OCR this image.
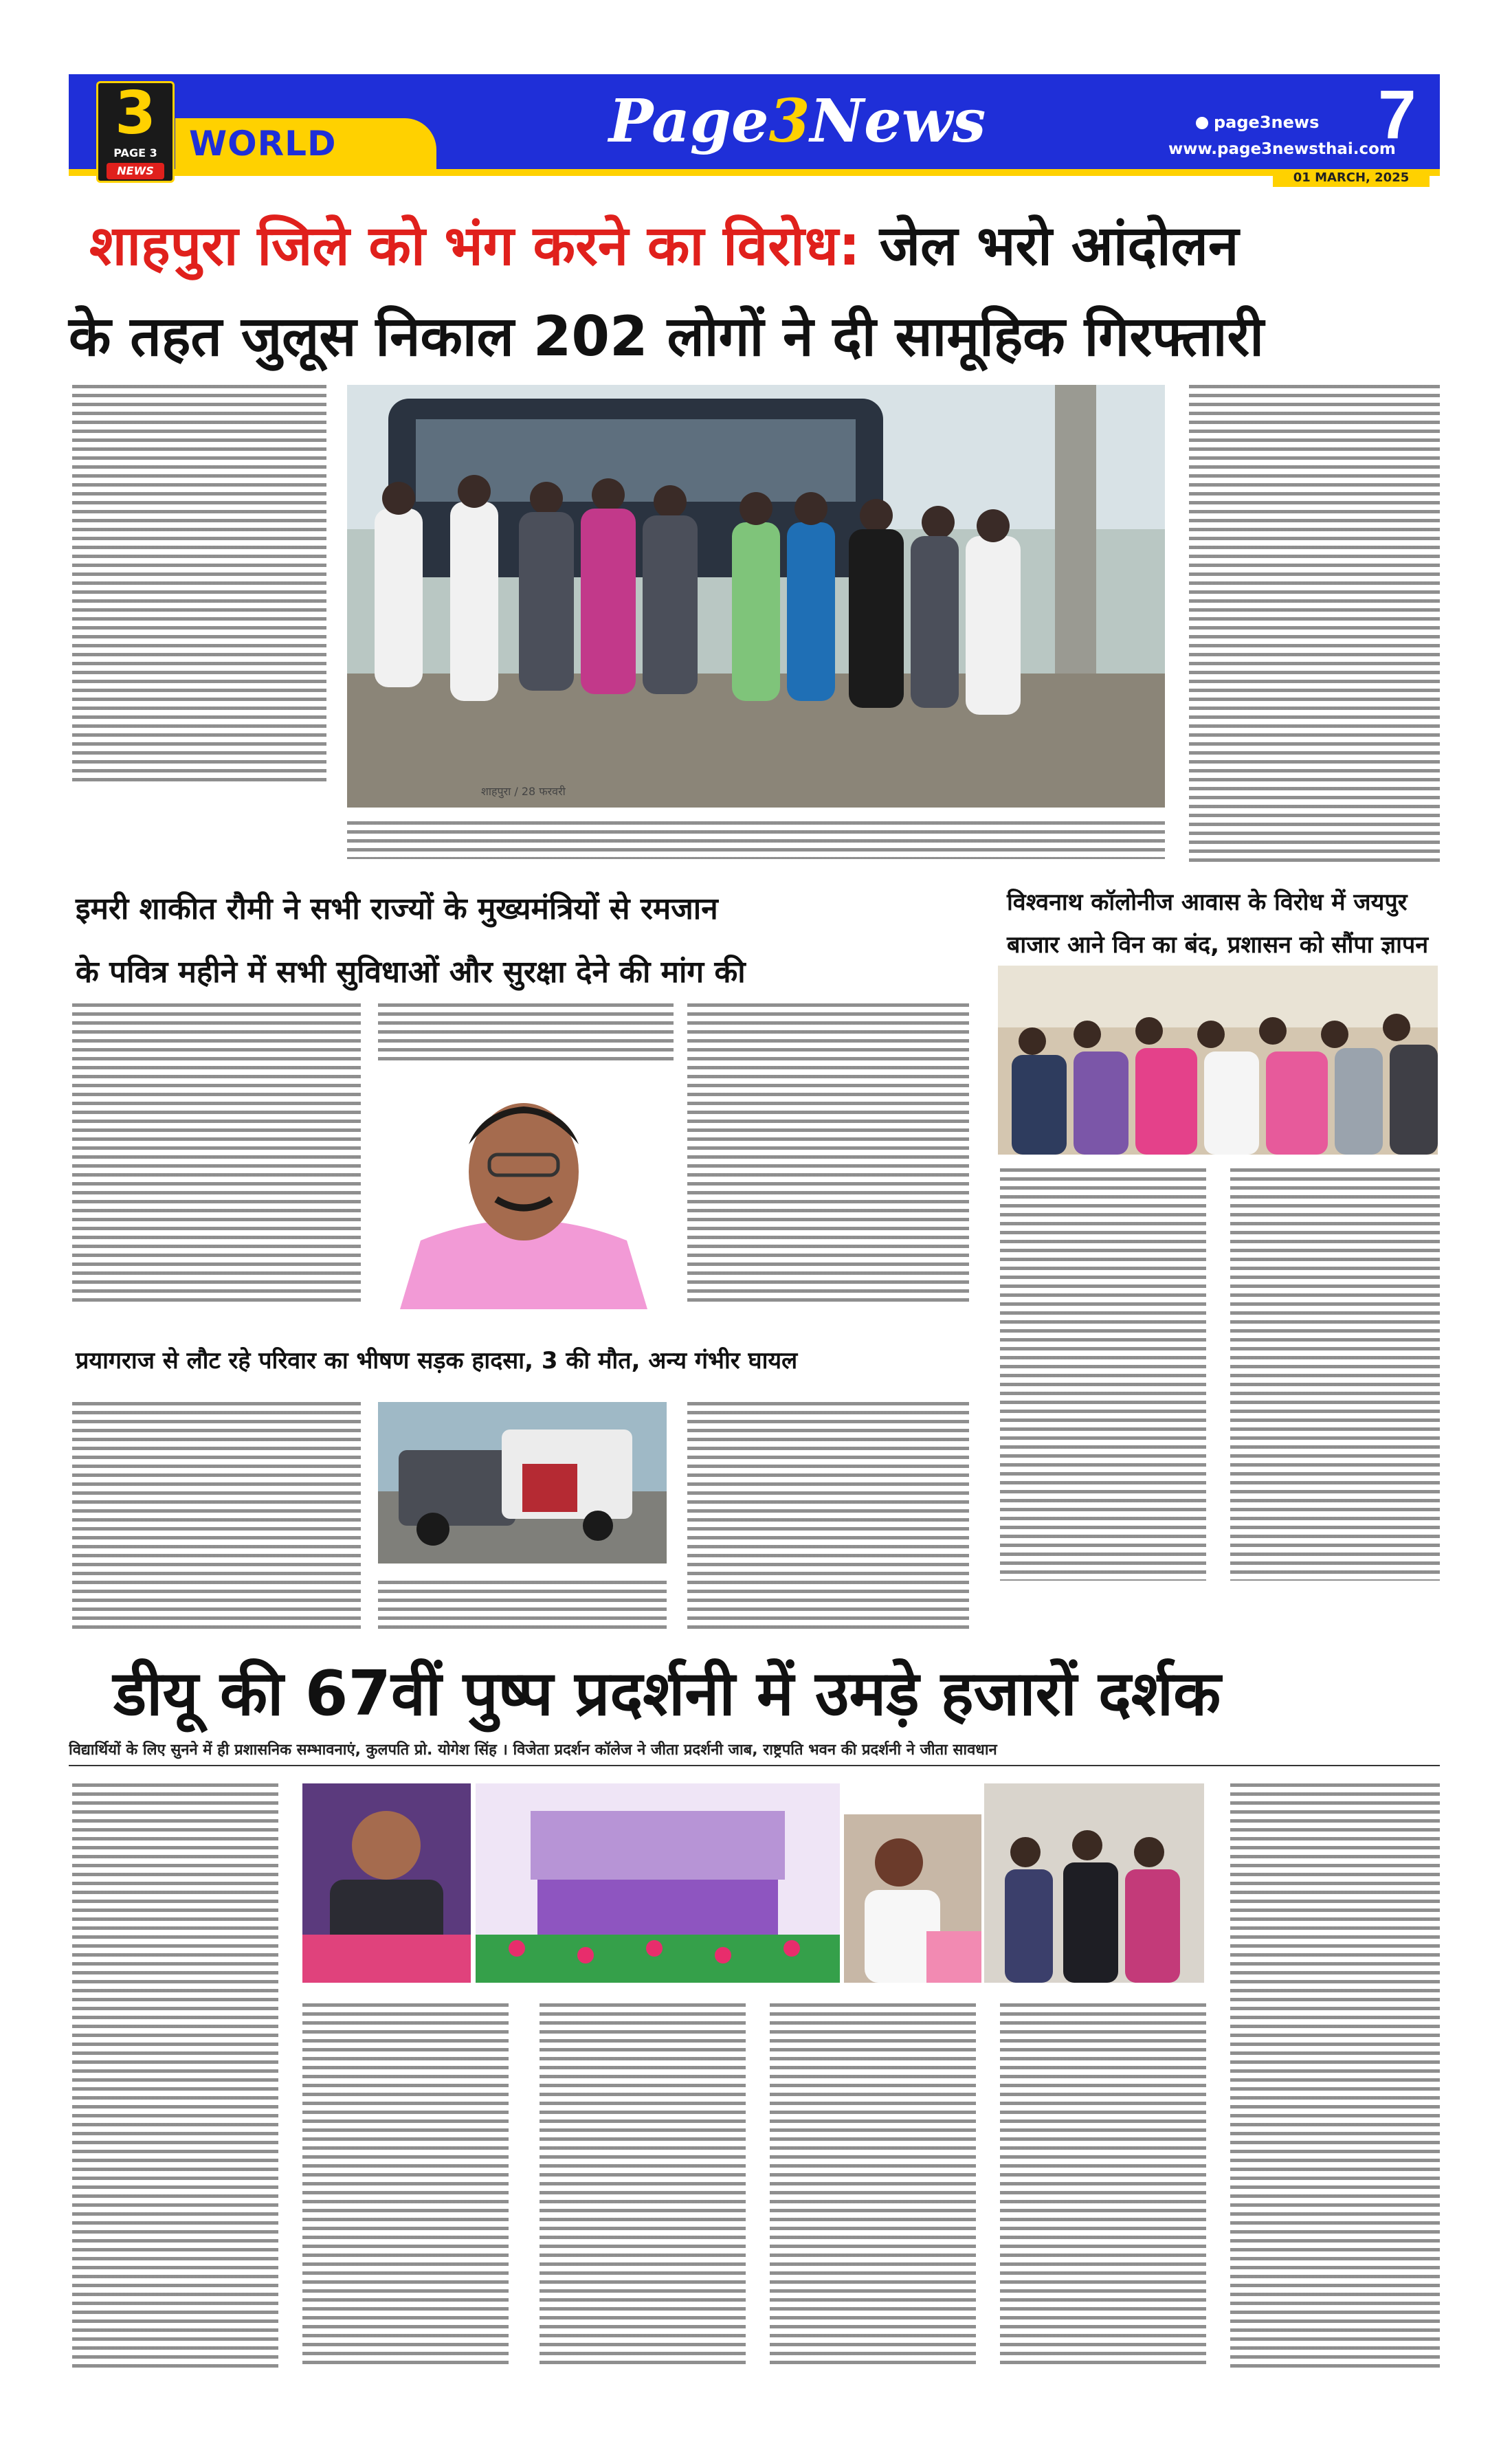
WORLD
3
PAGE 3
NEWS
Page3News	page3news
www.page3newsthai.com
7
01 MARCH, 2025
शाहपुरा जिले को भंग करने का विरोध: जेल भरो आंदोलन
के तहत जुलूस निकाल 202 लोगों ने दी सामूहिक गिरफ्तारी
शाहपुरा / 28 फरवरी
इमरी शाकीत रौमी ने सभी राज्यों के मुख्यमंत्रियों से रमजान
के पवित्र महीने में सभी सुविधाओं और सुरक्षा देने की मांग की
विश्वनाथ कॉलोनीज आवास के विरोध में जयपुर
बाजार आने विन का बंद, प्रशासन को सौंपा ज्ञापन
प्रयागराज से लौट रहे परिवार का भीषण सड़क हादसा, 3 की मौत, अन्य गंभीर घायल
डीयू की 67वीं पुष्प प्रदर्शनी में उमड़े हजारों दर्शक
विद्यार्थियों के लिए सुनने में ही प्रशासनिक सम्भावनाएं, कुलपति प्रो. योगेश सिंह । विजेता प्रदर्शन कॉलेज ने जीता प्रदर्शनी जाब, राष्ट्रपति भवन की प्रदर्शनी ने जीता सावधान
